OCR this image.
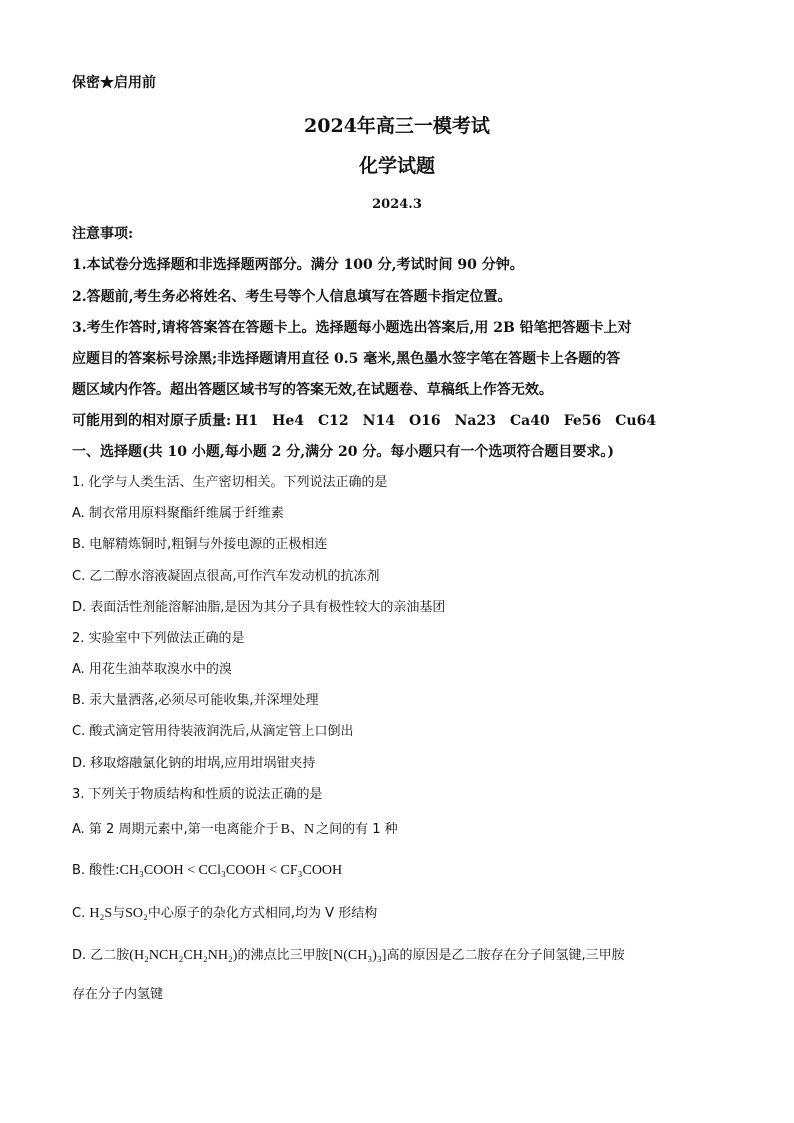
保密★启用前
2024年高三一模考试
化学试题
2024.3
注意事项:
1.本试卷分选择题和非选择题两部分。满分 100 分,考试时间 90 分钟。
2.答题前,考生务必将姓名、考生号等个人信息填写在答题卡指定位置。
3.考生作答时,请将答案答在答题卡上。选择题每小题选出答案后,用 2B 铅笔把答题卡上对
应题目的答案标号涂黑;非选择题请用直径 0.5 毫米,黑色墨水签字笔在答题卡上各题的答
题区域内作答。超出答题区域书写的答案无效,在试题卷、草稿纸上作答无效。
可能用到的相对原子质量: H1 He4 C12 N14 O16 Na23 Ca40 Fe56 Cu64
一、选择题(共 10 小题,每小题 2 分,满分 20 分。每小题只有一个选项符合题目要求。)
1. 化学与人类生活、生产密切相关。下列说法正确的是
A. 制衣常用原料聚酯纤维属于纤维素
B. 电解精炼铜时,粗铜与外接电源的正极相连
C. 乙二醇水溶液凝固点很高,可作汽车发动机的抗冻剂
D. 表面活性剂能溶解油脂,是因为其分子具有极性较大的亲油基团
2. 实验室中下列做法正确的是
A. 用花生油萃取溴水中的溴
B. 汞大量洒落,必须尽可能收集,并深埋处理
C. 酸式滴定管用待装液润洗后,从滴定管上口倒出
D. 移取熔融氯化钠的坩埚,应用坩埚钳夹持
3. 下列关于物质结构和性质的说法正确的是
A. 第 2 周期元素中,第一电离能介于 B、N 之间的有 1 种
B. 酸性:CH₃COOH < CCl₃COOH < CF₃COOH
C. H₂S与SO₂中心原子的杂化方式相同,均为 V 形结构
D. 乙二胺(H₂NCH₂CH₂NH₂)的沸点比三甲胺[N(CH₃)₃]高的原因是乙二胺存在分子间氢键,三甲胺
存在分子内氢键
